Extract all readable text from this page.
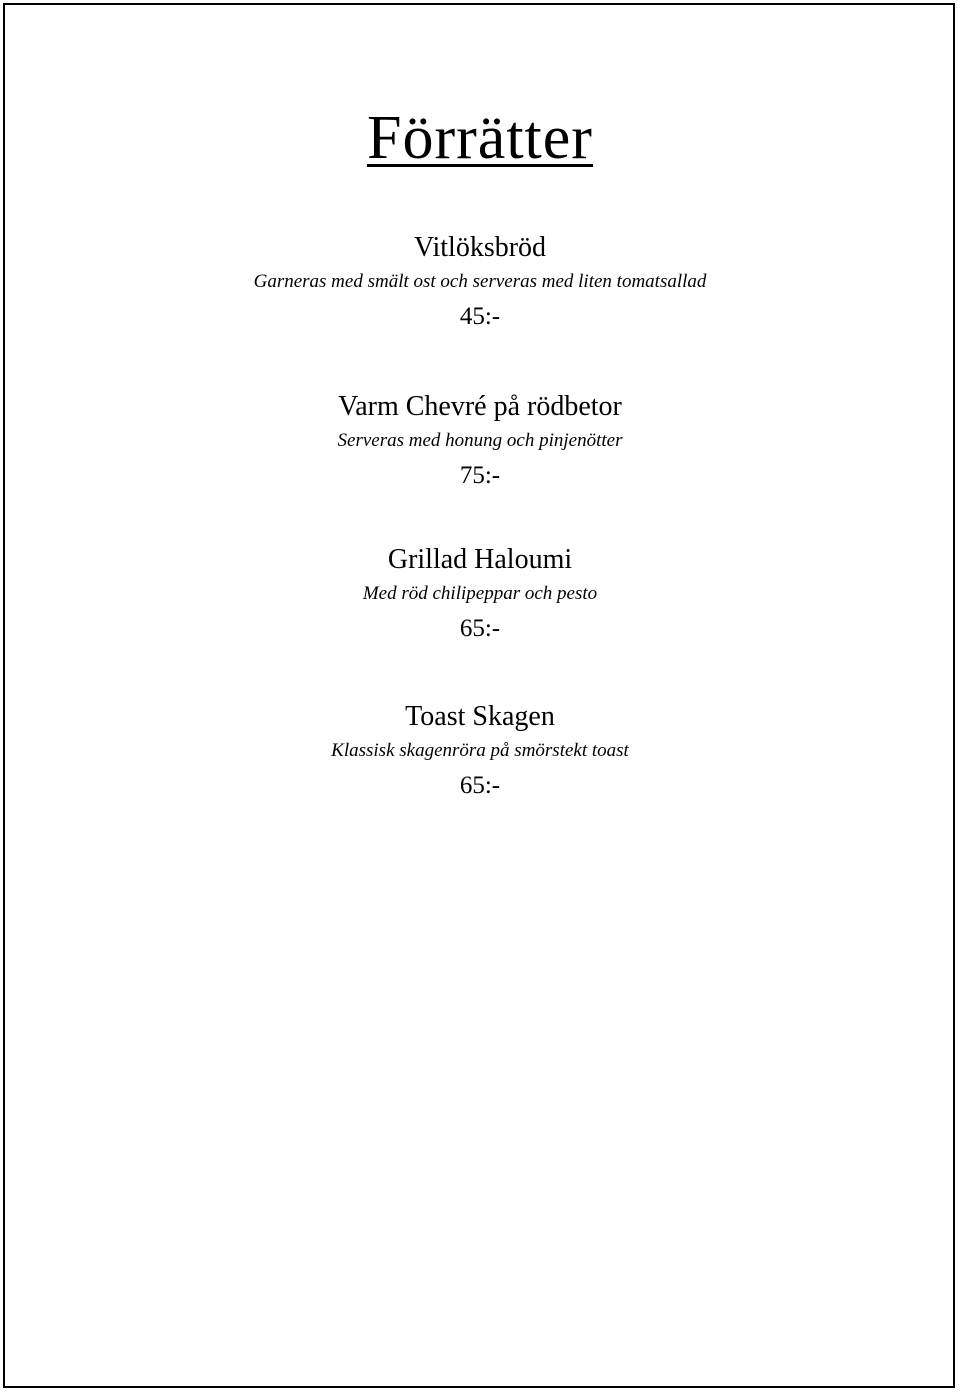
Förrätter
Vitlöksbröd
Garneras med smält ost och serveras med liten tomatsallad
45:-
Varm Chevré på rödbetor
Serveras med honung och pinjenötter
75:-
Grillad Haloumi
Med röd chilipeppar och pesto
65:-
Toast Skagen
Klassisk skagenröra på smörstekt toast
65:-
